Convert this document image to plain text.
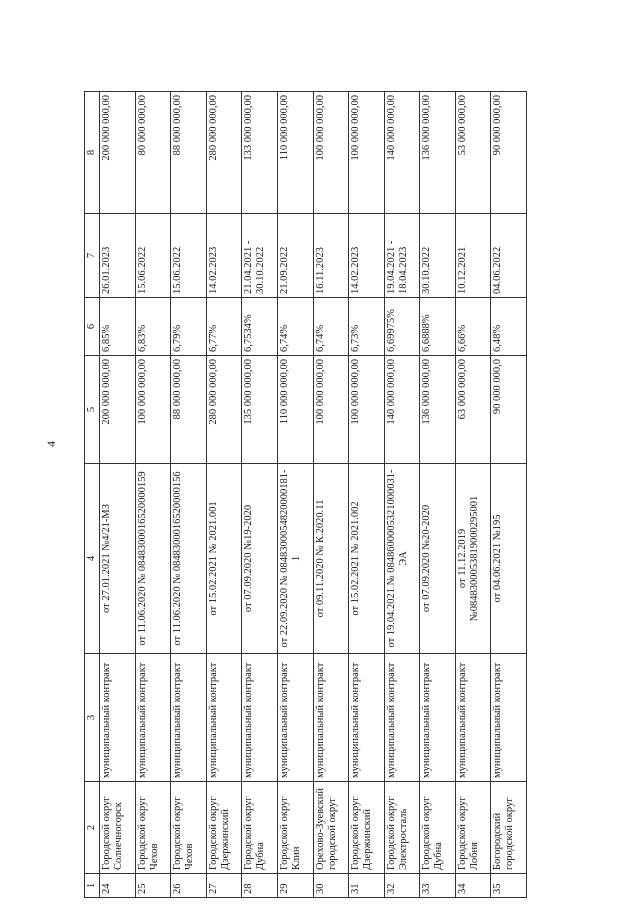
4
1	2	3	4	5	6	7	8
24	Городской округ Солнечногорск	муниципальный контракт	от 27.01.2021 №4/21-МЗ	200 000 000,00	6,85%	26.01.2023	200 000 000,00
25	Городской округ Чехов	муниципальный контракт	от 11.06.2020 № 0848300016520000159	100 000 000,00	6,83%	15.06.2022	80 000 000,00
26	Городской округ Чехов	муниципальный контракт	от 11.06.2020 № 0848300016520000156	88 000 000,00	6,79%	15.06.2022	88 000 000,00
27	Городской округ Дзержинский	муниципальный контракт	от 15.02.2021 № 2021.001	280 000 000,00	6,77%	14.02.2023	280 000 000,00
28	Городской округ Дубна	муниципальный контракт	от 07.09.2020 №19-2020	135 000 000,00	6,7534%	21.04.2021 - 30.10.2022	133 000 000,00
29	Городской округ Клин	муниципальный контракт	от 22.09.2020 № 0848300054820000181-1	110 000 000,00	6,74%	21.09.2022	110 000 000,00
30	Орехово-Зуевский городской округ	муниципальный контракт	от 09.11.2020 № К.2020.11	100 000 000,00	6,74%	16.11.2023	100 000 000,00
31	Городской округ Дзержинский	муниципальный контракт	от 15.02.2021 № 2021.002	100 000 000,00	6,73%	14.02.2023	100 000 000,00
32	Городской округ Электросталь	муниципальный контракт	от 19.04.2021 № 0848600005321000031-ЭА	140 000 000,00	6,69975%	19.04.2021 - 18.04.2023	140 000 000,00
33	Городской округ Дубна	муниципальный контракт	от 07.09.2020 №20-2020	136 000 000,00	6,6888%	30.10.2022	136 000 000,00
34	Городской округ Лобня	муниципальный контракт	от 11.12.2019 №0848300053819000295001	63 000 000,00	6,66%	10.12.2021	53 000 000,00
35	Богородский городской округ	муниципальный контракт	от 04.06.2021 №195	90 000 000,0	6,48%	04.06.2022	90 000 000,00
